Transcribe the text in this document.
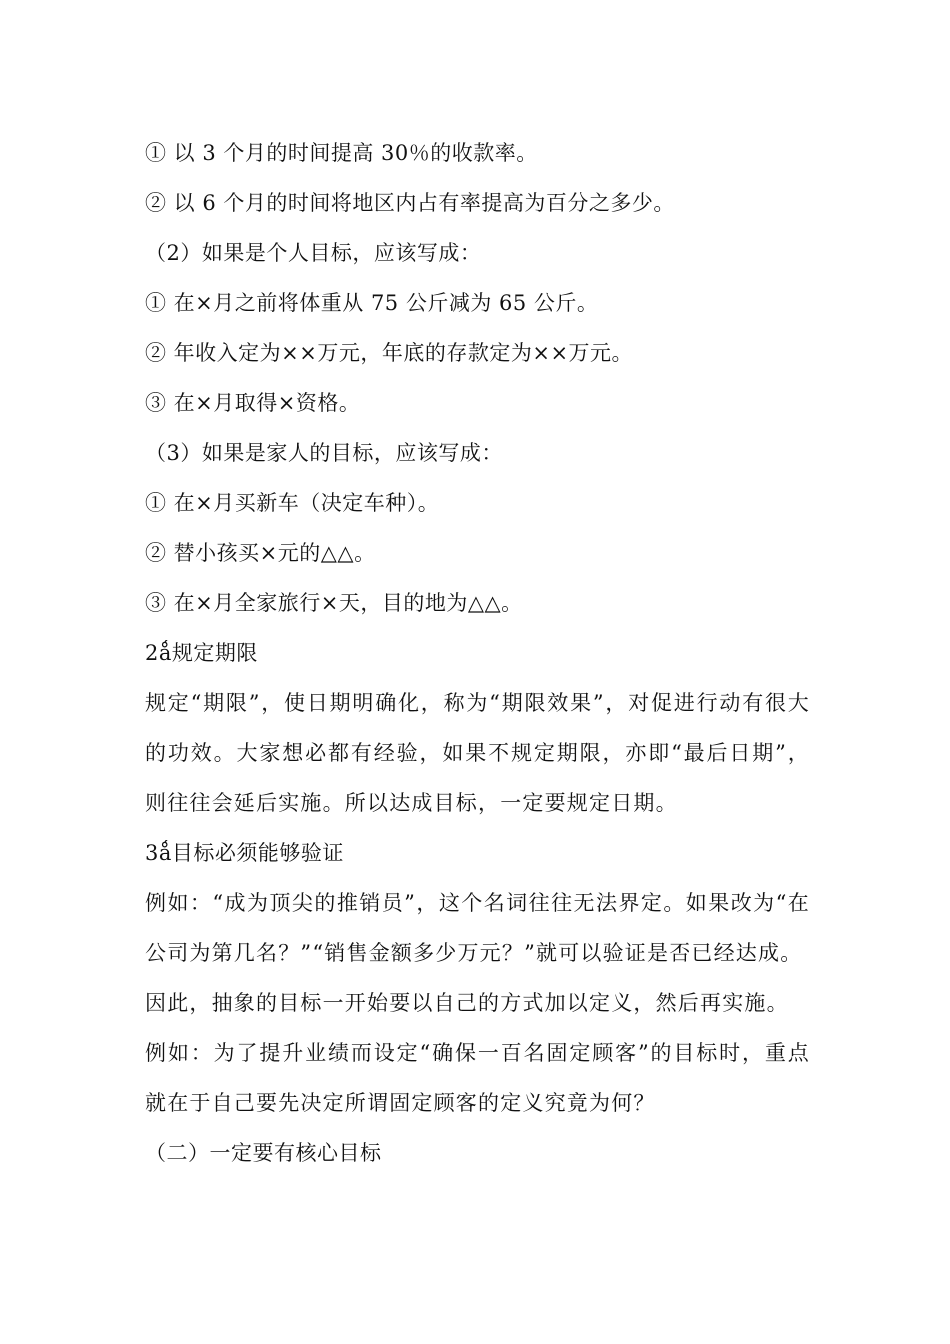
① 以 3 个月的时间提高 30％的收款率。
② 以 6 个月的时间将地区内占有率提高为百分之多少。
（2）如果是个人目标，应该写成：
① 在×月之前将体重从 75 公斤减为 65 公斤。
② 年收入定为××万元，年底的存款定为××万元。
③ 在×月取得×资格。
（3）如果是家人的目标，应该写成：
① 在×月买新车（决定车种）。
② 替小孩买×元的△△。
③ 在×月全家旅行×天，目的地为△△。
2ǻ规定期限
规定“期限”，使日期明确化，称为“期限效果”，对促进行动有很大的功效。大家想必都有经验，如果不规定期限，亦即“最后日期”，则往往会延后实施。所以达成目标，一定要规定日期。
3ǻ目标必须能够验证
例如：“成为顶尖的推销员”，这个名词往往无法界定。如果改为“在公司为第几名？”“销售金额多少万元？”就可以验证是否已经达成。
因此，抽象的目标一开始要以自己的方式加以定义，然后再实施。
例如：为了提升业绩而设定“确保一百名固定顾客”的目标时，重点就在于自己要先决定所谓固定顾客的定义究竟为何？
（二）一定要有核心目标
